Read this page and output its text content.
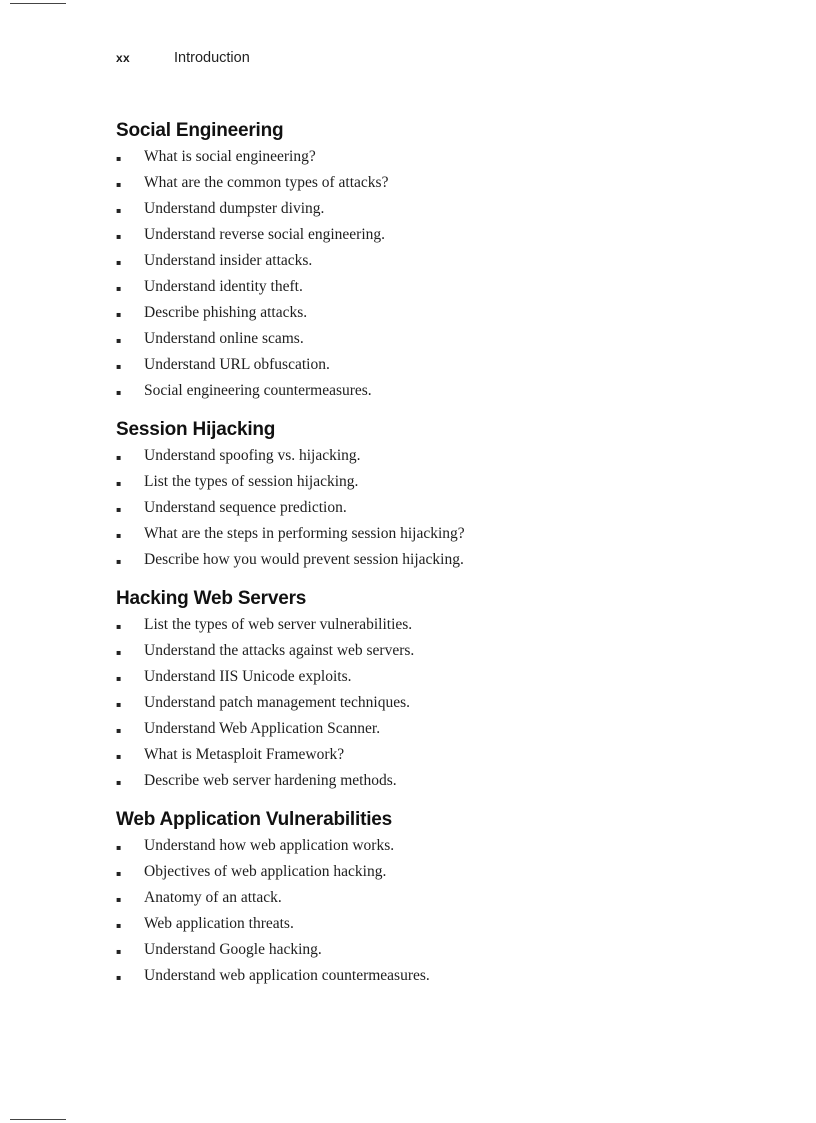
xx	Introduction
Social Engineering
▪	What is social engineering?
▪	What are the common types of attacks?
▪	Understand dumpster diving.
▪	Understand reverse social engineering.
▪	Understand insider attacks.
▪	Understand identity theft.
▪	Describe phishing attacks.
▪	Understand online scams.
▪	Understand URL obfuscation.
▪	Social engineering countermeasures.
Session Hijacking
▪	Understand spoofing vs. hijacking.
▪	List the types of session hijacking.
▪	Understand sequence prediction.
▪	What are the steps in performing session hijacking?
▪	Describe how you would prevent session hijacking.
Hacking Web Servers
▪	List the types of web server vulnerabilities.
▪	Understand the attacks against web servers.
▪	Understand IIS Unicode exploits.
▪	Understand patch management techniques.
▪	Understand Web Application Scanner.
▪	What is Metasploit Framework?
▪	Describe web server hardening methods.
Web Application Vulnerabilities
▪	Understand how web application works.
▪	Objectives of web application hacking.
▪	Anatomy of an attack.
▪	Web application threats.
▪	Understand Google hacking.
▪	Understand web application countermeasures.
